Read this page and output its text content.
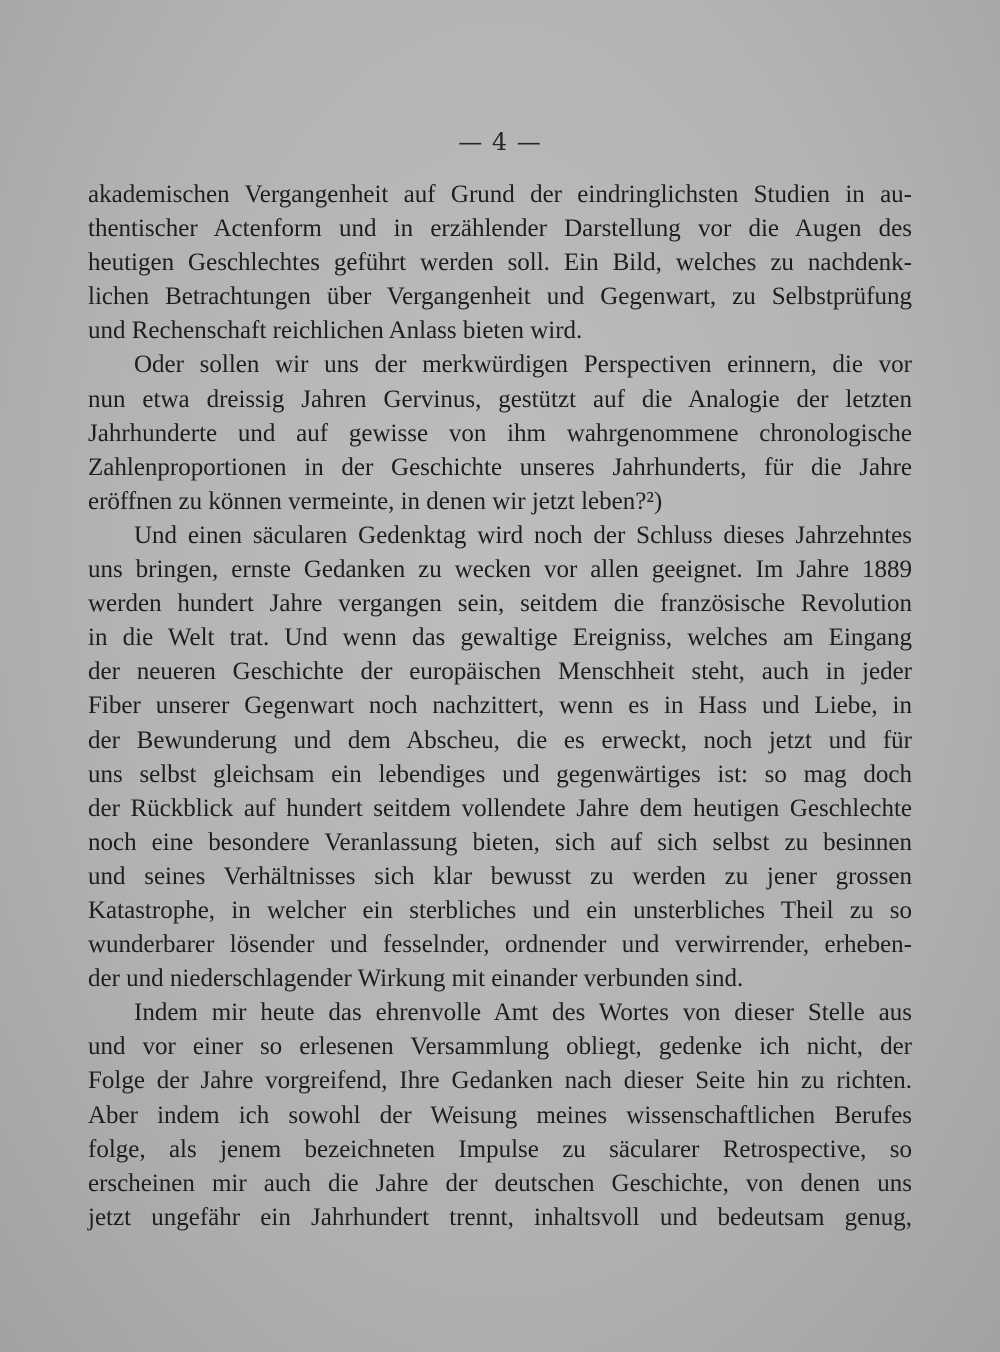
— 4 —
akademischen Vergangenheit auf Grund der eindringlichsten Studien in au-
thentischer Actenform und in erzählender Darstellung vor die Augen des
heutigen Geschlechtes geführt werden soll. Ein Bild, welches zu nachdenk-
lichen Betrachtungen über Vergangenheit und Gegenwart, zu Selbstprüfung
und Rechenschaft reichlichen Anlass bieten wird.
Oder sollen wir uns der merkwürdigen Perspectiven erinnern, die vor
nun etwa dreissig Jahren Gervinus, gestützt auf die Analogie der letzten
Jahrhunderte und auf gewisse von ihm wahrgenommene chronologische
Zahlenproportionen in der Geschichte unseres Jahrhunderts, für die Jahre
eröffnen zu können vermeinte, in denen wir jetzt leben?²)
Und einen säcularen Gedenktag wird noch der Schluss dieses Jahrzehntes
uns bringen, ernste Gedanken zu wecken vor allen geeignet. Im Jahre 1889
werden hundert Jahre vergangen sein, seitdem die französische Revolution
in die Welt trat. Und wenn das gewaltige Ereigniss, welches am Eingang
der neueren Geschichte der europäischen Menschheit steht, auch in jeder
Fiber unserer Gegenwart noch nachzittert, wenn es in Hass und Liebe, in
der Bewunderung und dem Abscheu, die es erweckt, noch jetzt und für
uns selbst gleichsam ein lebendiges und gegenwärtiges ist: so mag doch
der Rückblick auf hundert seitdem vollendete Jahre dem heutigen Geschlechte
noch eine besondere Veranlassung bieten, sich auf sich selbst zu besinnen
und seines Verhältnisses sich klar bewusst zu werden zu jener grossen
Katastrophe, in welcher ein sterbliches und ein unsterbliches Theil zu so
wunderbarer lösender und fesselnder, ordnender und verwirrender, erheben-
der und niederschlagender Wirkung mit einander verbunden sind.
Indem mir heute das ehrenvolle Amt des Wortes von dieser Stelle aus
und vor einer so erlesenen Versammlung obliegt, gedenke ich nicht, der
Folge der Jahre vorgreifend, Ihre Gedanken nach dieser Seite hin zu richten.
Aber indem ich sowohl der Weisung meines wissenschaftlichen Berufes
folge, als jenem bezeichneten Impulse zu säcularer Retrospective, so
erscheinen mir auch die Jahre der deutschen Geschichte, von denen uns
jetzt ungefähr ein Jahrhundert trennt, inhaltsvoll und bedeutsam genug,
